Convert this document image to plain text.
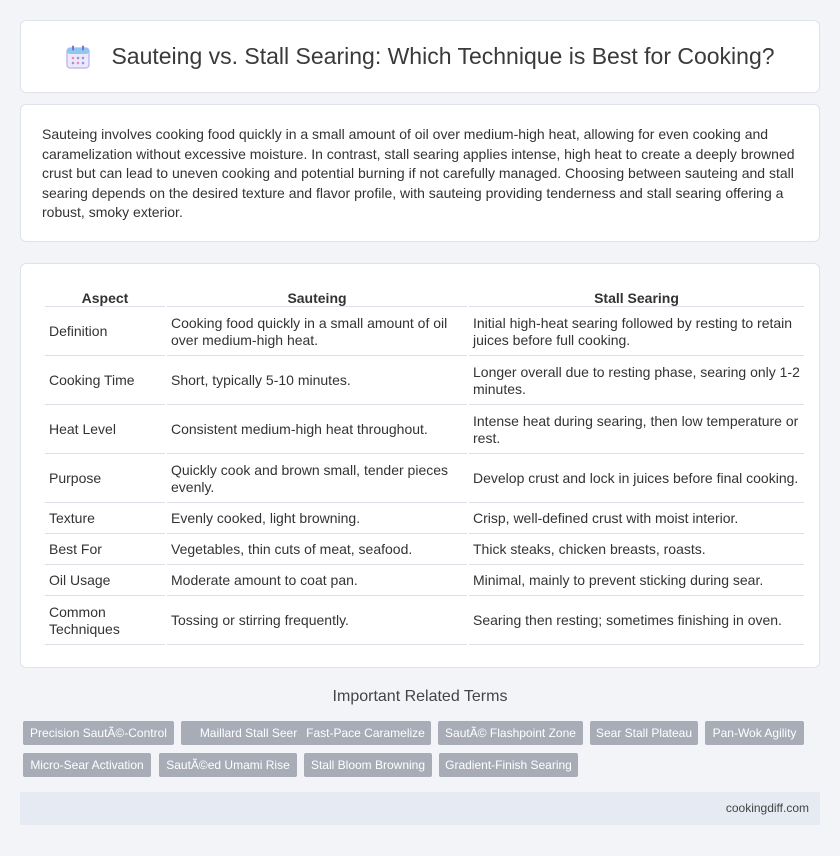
Sauteing vs. Stall Searing: Which Technique is Best for Cooking?

Sauteing involves cooking food quickly in a small amount of oil over medium-high heat, allowing for even cooking and caramelization without excessive moisture. In contrast, stall searing applies intense, high heat to create a deeply browned crust but can lead to uneven cooking and potential burning if not carefully managed. Choosing between sauteing and stall searing depends on the desired texture and flavor profile, with sauteing providing tenderness and stall searing offering a robust, smoky exterior.

Aspect	Sauteing	Stall Searing
Definition	Cooking food quickly in a small amount of oil over medium-high heat.	Initial high-heat searing followed by resting to retain juices before full cooking.
Cooking Time	Short, typically 5-10 minutes.	Longer overall due to resting phase, searing only 1-2 minutes.
Heat Level	Consistent medium-high heat throughout.	Intense heat during searing, then low temperature or rest.
Purpose	Quickly cook and brown small, tender pieces evenly.	Develop crust and lock in juices before final cooking.
Texture	Evenly cooked, light browning.	Crisp, well-defined crust with moist interior.
Best For	Vegetables, thin cuts of meat, seafood.	Thick steaks, chicken breasts, roasts.
Oil Usage	Moderate amount to coat pan.	Minimal, mainly to prevent sticking during sear.
Common Techniques	Tossing or stirring frequently.	Searing then resting; sometimes finishing in oven.
Important Related Terms
Precision SautÃ©-Control	Maillard Stall Seer Fast-Pace Caramelize	SautÃ© Flashpoint Zone	Sear Stall Plateau	Pan-Wok Agility
Micro-Sear Activation	SautÃ©ed Umami Rise	Stall Bloom Browning	Gradient-Finish Searing
cookingdiff.com
